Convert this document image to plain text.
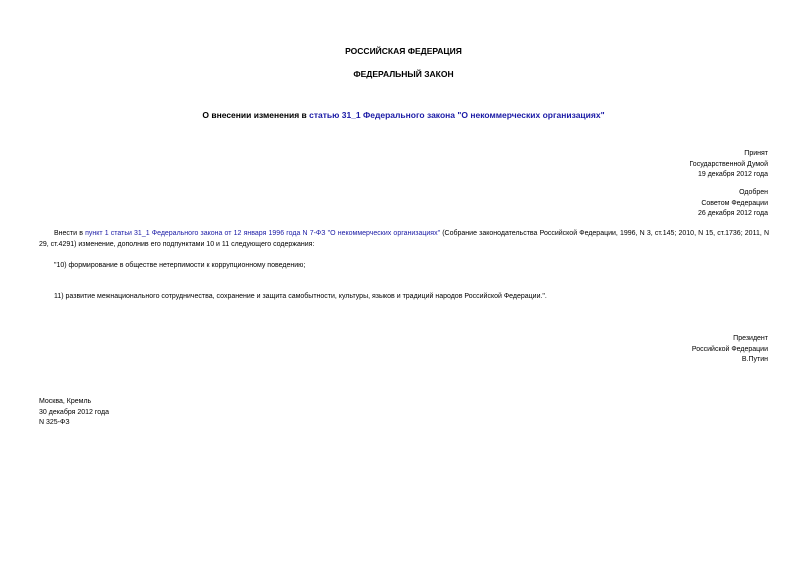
РОССИЙСКАЯ ФЕДЕРАЦИЯ
ФЕДЕРАЛЬНЫЙ ЗАКОН
О внесении изменения в статью 31_1 Федерального закона "О некоммерческих организациях"
Принят
Государственной Думой
19 декабря 2012 года
Одобрен
Советом Федерации
26 декабря 2012 года
Внести в пункт 1 статьи 31_1 Федерального закона от 12 января 1996 года N 7-ФЗ "О некоммерческих организациях" (Собрание законодательства Российской Федерации, 1996, N 3, ст.145; 2010, N 15, ст.1736; 2011, N 29, ст.4291) изменение, дополнив его подпунктами 10 и 11 следующего содержания:
"10) формирование в обществе нетерпимости к коррупционному поведению;
11) развитие межнационального сотрудничества, сохранение и защита самобытности, культуры, языков и традиций народов Российской Федерации.".
Президент
Российской Федерации
В.Путин
Москва, Кремль
30 декабря 2012 года
N 325-ФЗ
